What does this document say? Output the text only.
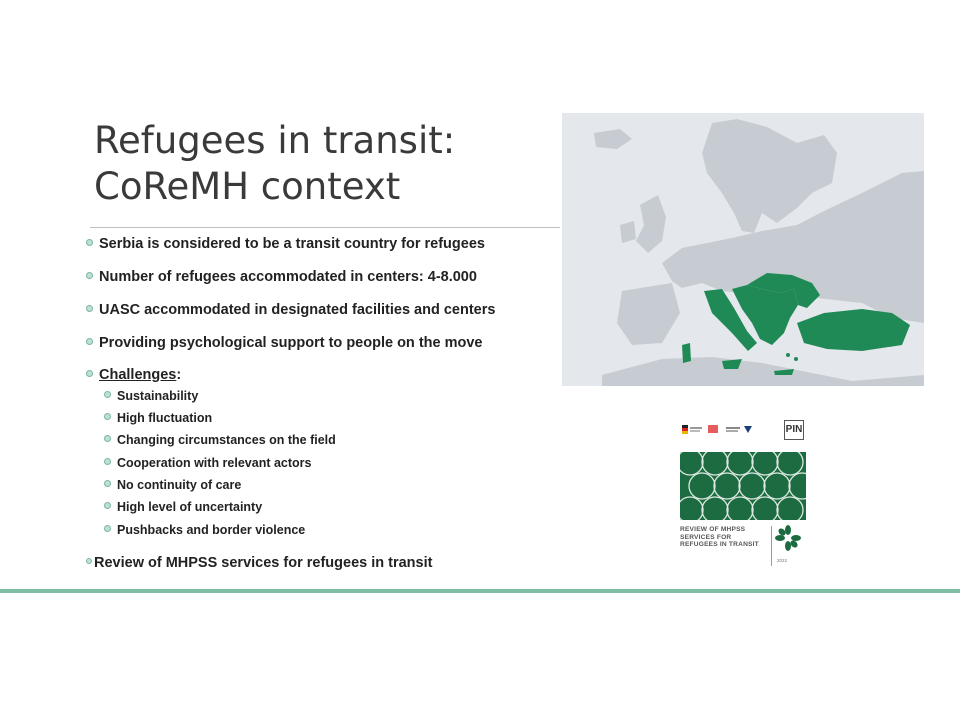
Refugees in transit:
CoReMH context
Serbia is considered to be a transit country for refugees
Number of refugees accommodated in centers: 4-8.000
UASC accommodated in designated facilities and centers
Providing psychological support to people on the move
Challenges:
Sustainability
High fluctuation
Changing circumstances on the field
Cooperation with relevant actors
No continuity of care
High level of uncertainty
Pushbacks and border violence
Review of MHPSS services for refugees in transit
PIN
REVIEW OF MHPSS SERVICES FOR REFUGEES IN TRANSIT
2022
